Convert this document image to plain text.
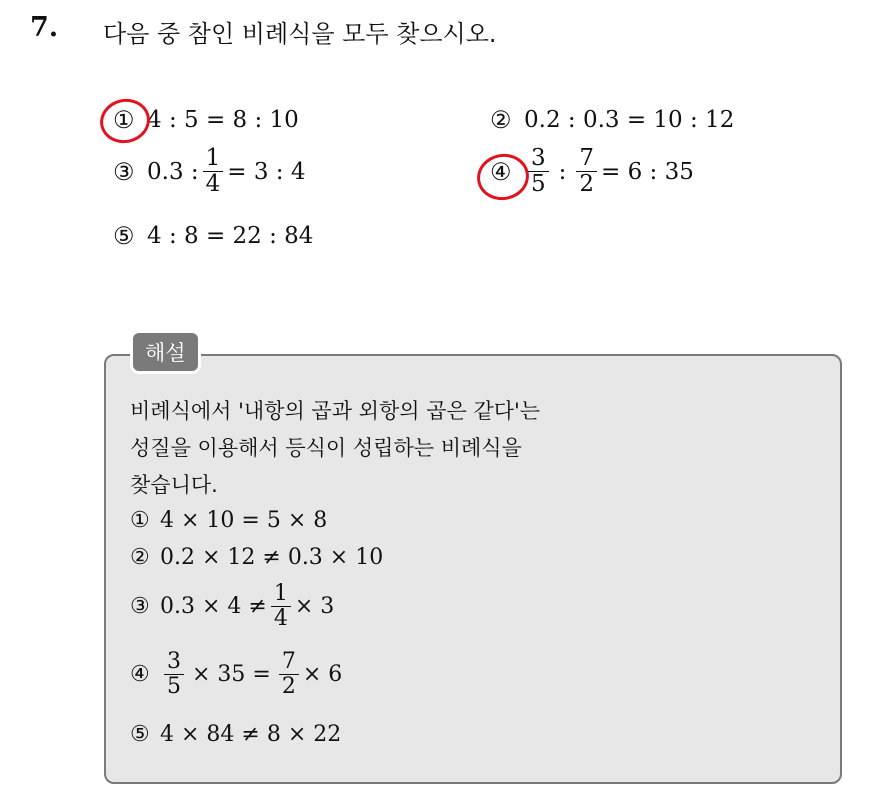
7. 다음 중 참인 비례식을 모두 찾으시오.
① 4 : 5 = 8 : 10	② 0.2 : 0.3 = 10 : 12
③ 0.3 : $\frac{1}{4} = 3$ : 4	④ $\frac{3}{5}$ : $\frac{7}{2} = 6$ : 35
⑤ 4 : 8 = 22 : 84
해설
비례식에서 '내항의 곱과 외항의 곱은 같다'는
성질을 이용해서 등식이 성립하는 비례식을
찾습니다.
① 4 × 10 = 5 × 8
② 0.2 × 12 ≠ 0.3 × 10
③ $0.3 \times 4 \ne \frac{1}{4} \times 3$
④ $\frac{3}{5} \times 35 = \frac{7}{2} \times 6$
⑤ 4 × 84 ≠ 8 × 22
